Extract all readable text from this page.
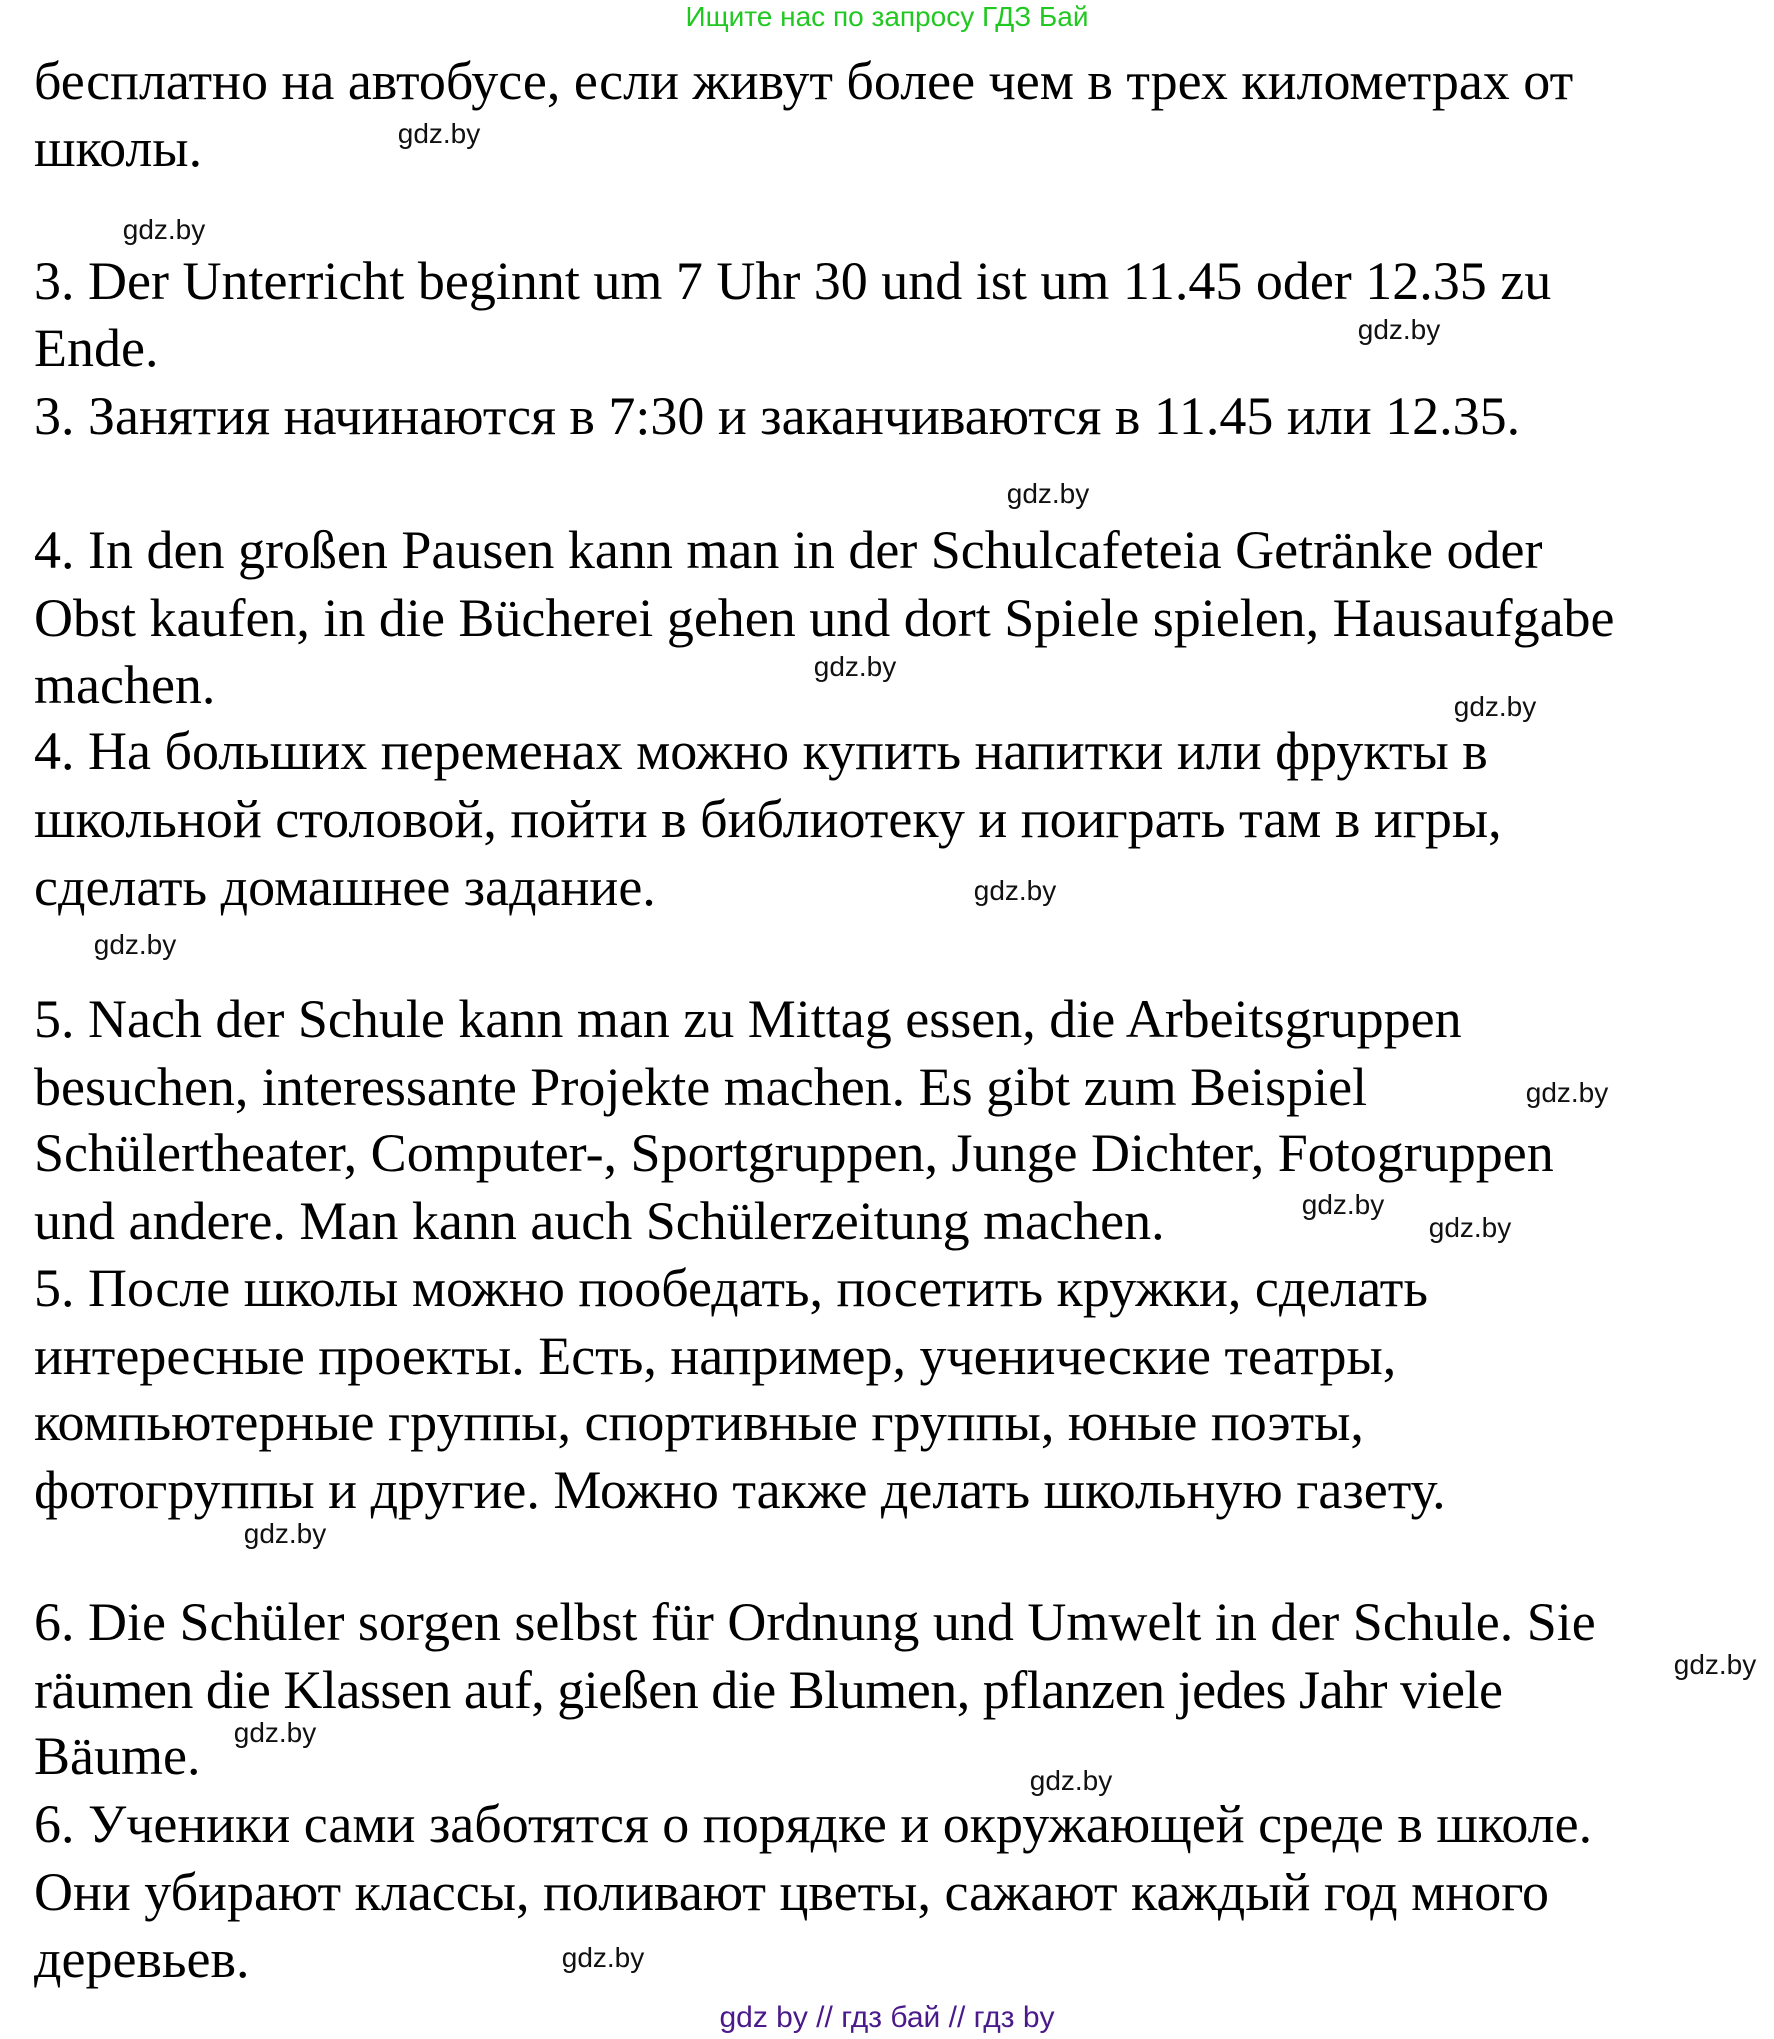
Ищите нас по запросу ГДЗ Бай
бесплатно на автобусе, если живут более чем в трех километрах от
школы.
3. Der Unterricht beginnt um 7 Uhr 30 und ist um 11.45 oder 12.35 zu
Ende.
3. Занятия начинаются в 7:30 и заканчиваются в 11.45 или 12.35.
4. In den großen Pausen kann man in der Schulcafeteia Getränke oder
Obst kaufen, in die Bücherei gehen und dort Spiele spielen, Hausaufgabe
machen.
4. На больших переменах можно купить напитки или фрукты в
школьной столовой, пойти в библиотеку и поиграть там в игры,
сделать домашнее задание.
5. Nach der Schule kann man zu Mittag essen, die Arbeitsgruppen
besuchen, interessante Projekte machen. Es gibt zum Beispiel
Schülertheater, Computer-, Sportgruppen, Junge Dichter, Fotogruppen
und andere. Man kann auch Schülerzeitung machen.
5. После школы можно пообедать, посетить кружки, сделать
интересные проекты. Есть, например, ученические театры,
компьютерные группы, спортивные группы, юные поэты,
фотогруппы и другие. Можно также делать школьную газету.
6. Die Schüler sorgen selbst für Ordnung und Umwelt in der Schule. Sie
räumen die Klassen auf, gießen die Blumen, pflanzen jedes Jahr viele
Bäume.
6. Ученики сами заботятся о порядке и окружающей среде в школе.
Они убирают классы, поливают цветы, сажают каждый год много
деревьев.
gdz.by
gdz.by
gdz.by
gdz.by
gdz.by
gdz.by
gdz.by
gdz.by
gdz.by
gdz.by
gdz.by
gdz.by
gdz.by
gdz.by
gdz.by
gdz.by
gdz by // гдз бай // гдз by
